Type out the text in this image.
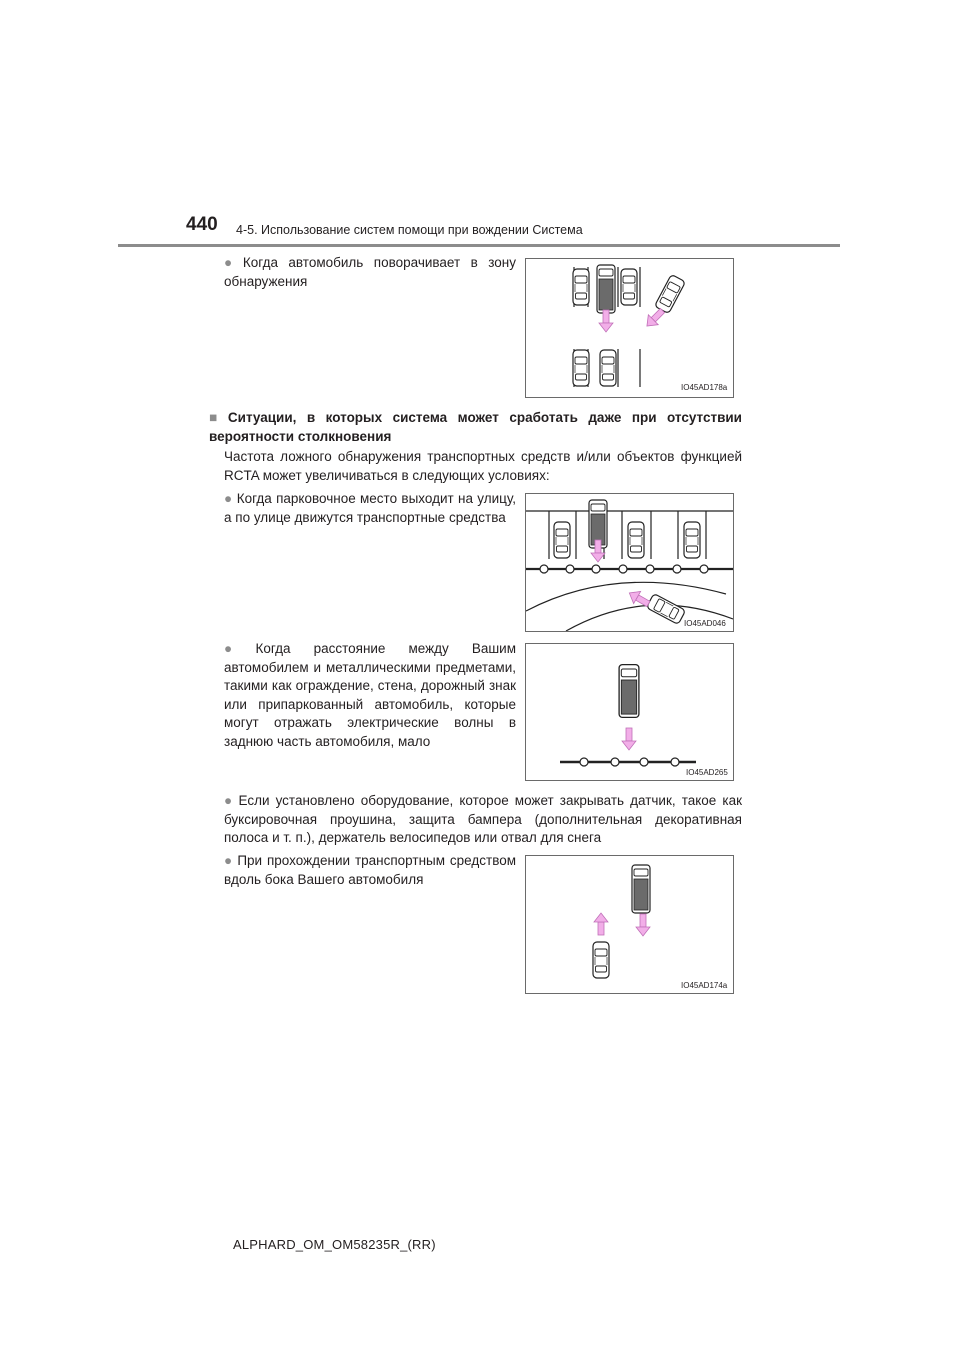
440 4-5. Использование систем помощи при вождении Система
● Когда автомобиль поворачивает в зону обнаружения
IO45AD178a
■ Ситуации, в которых система может сработать даже при отсутствии вероятности столкновения
Частота ложного обнаружения транспортных средств и/или объектов функцией RCTA может увеличиваться в следующих условиях:
● Когда парковочное место выходит на улицу, а по улице движутся транспортные средства
IO45AD046
● Когда расстояние между Вашим автомобилем и металлическими предметами, такими как ограждение, стена, дорожный знак или припаркованный автомобиль, которые могут отражать электрические волны в заднюю часть автомобиля, мало
IO45AD265
● Если установлено оборудование, которое может закрывать датчик, такое как буксировочная проушина, защита бампера (дополнительная декоративная полоса и т. п.), держатель велосипедов или отвал для снега
● При прохождении транспортным средством вдоль бока Вашего автомобиля
IO45AD174a
ALPHARD_OM_OM58235R_(RR)
